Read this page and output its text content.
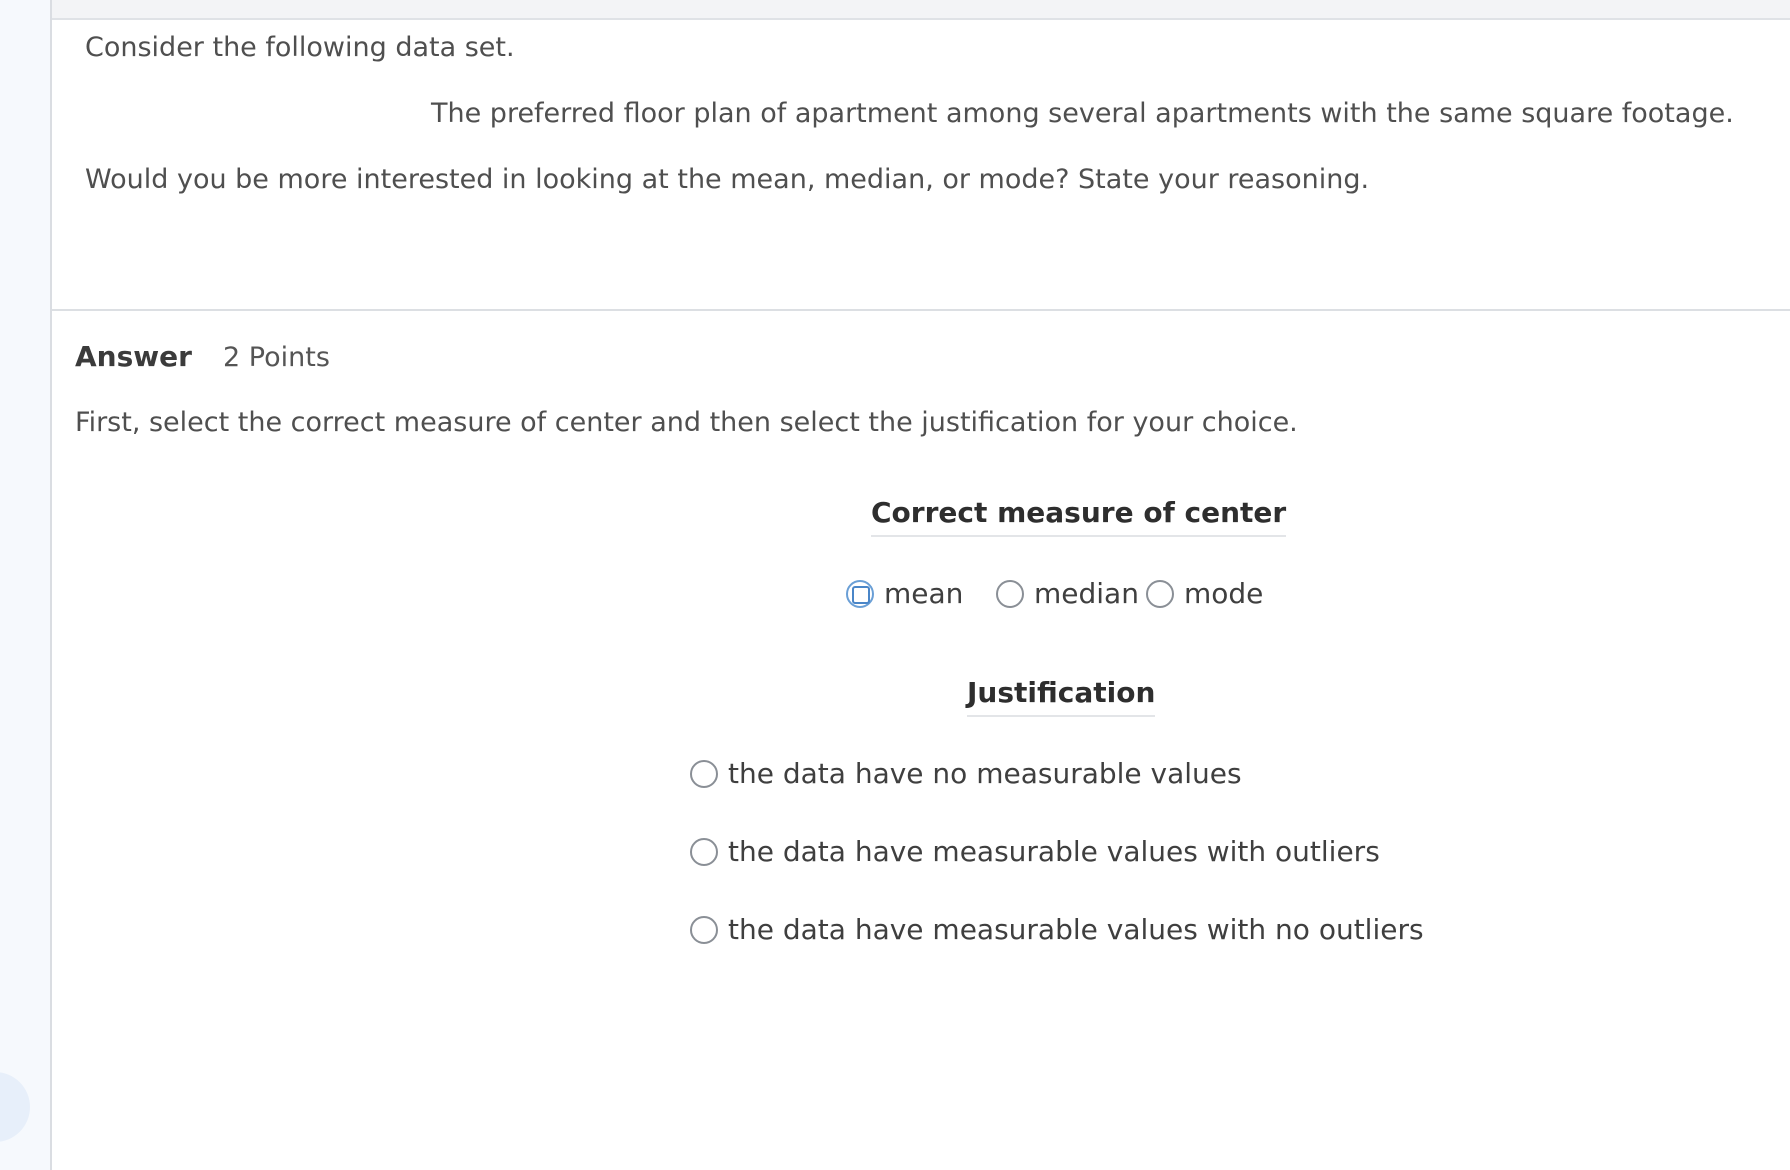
Consider the following data set.
The preferred floor plan of apartment among several apartments with the same square footage.
Would you be more interested in looking at the mean, median, or mode? State your reasoning.
Answer 2 Points
First, select the correct measure of center and then select the justification for your choice.
Correct measure of center
mean	median mode
Justification
the data have no measurable values
the data have measurable values with outliers
the data have measurable values with no outliers
